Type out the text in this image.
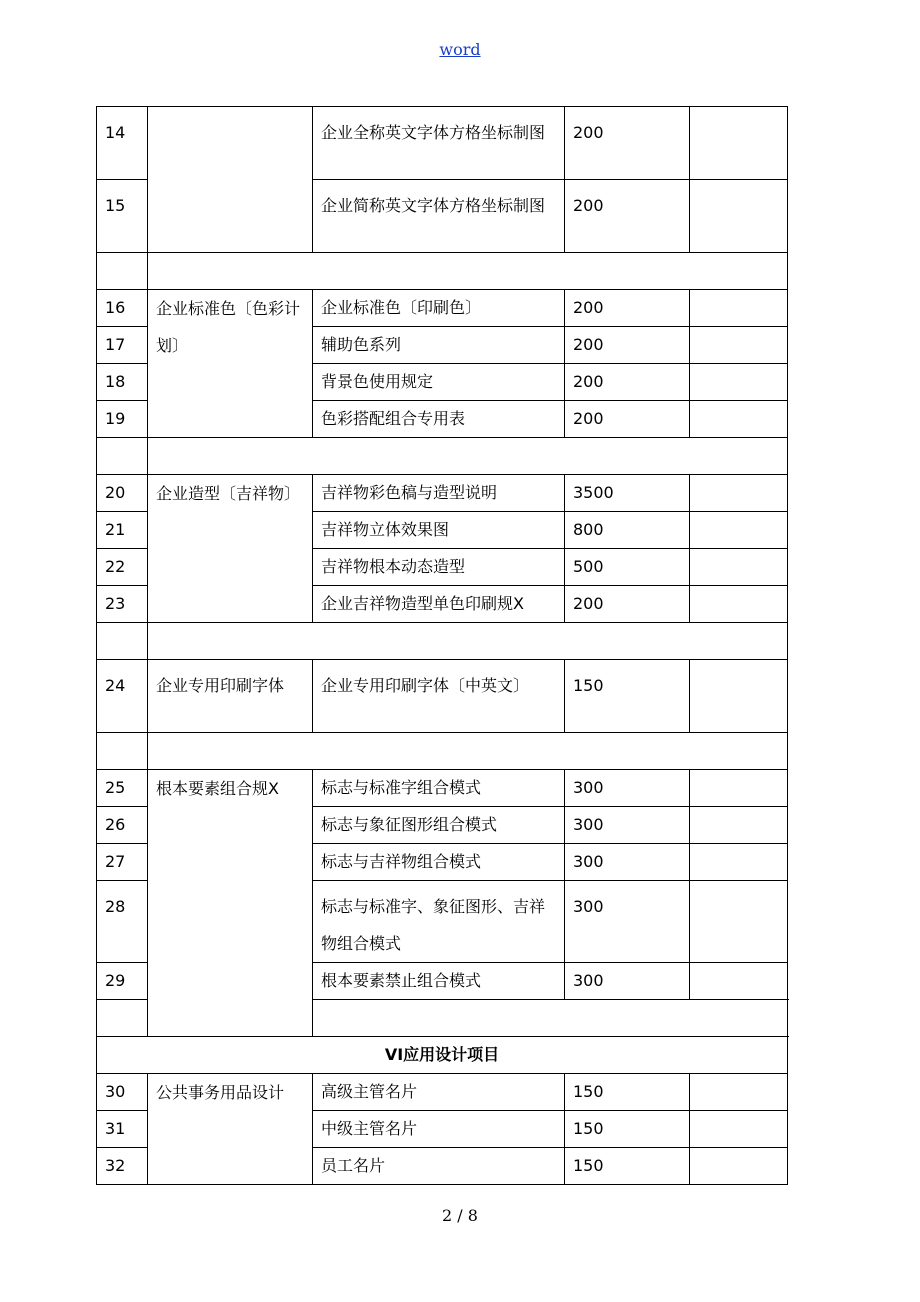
word
14		企业全称英文字体方格坐标制图	200	
15		企业简称英文字体方格坐标制图	200	

16	企业标准色〔色彩计划〕	企业标准色〔印刷色〕	200	
17		辅助色系列	200	
18		背景色使用规定	200	
19		色彩搭配组合专用表	200	

20	企业造型〔吉祥物〕	吉祥物彩色稿与造型说明	3500	
21		吉祥物立体效果图	800	
22		吉祥物根本动态造型	500	
23		企业吉祥物造型单色印刷规X	200	

24	企业专用印刷字体	企业专用印刷字体〔中英文〕	150	

25	根本要素组合规X	标志与标准字组合模式	300	
26		标志与象征图形组合模式	300	
27		标志与吉祥物组合模式	300	
28		标志与标准字、象征图形、吉祥物组合模式	300	
29		根本要素禁止组合模式	300	

VI应用设计项目				
30	公共事务用品设计	高级主管名片	150	
31		中级主管名片	150	
32		员工名片	150	
2 / 8
